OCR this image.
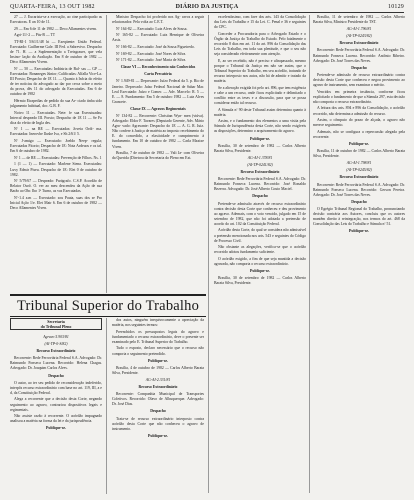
QUARTA-FEIRA, 13 OUT 1982	DIÁRIO DA JUSTIÇA	10129

27 — J. Eucarista-se a execução, ao cine participarão as Executoras. E an 10 de 11.

29 — Em 6 de 11 de 1982 — Deco Allamentes vivem.

Agri-11/-2 — Pás-B — TT

TT-RI-1 5/61/1/48 ht — Exeqüente: União Federal. Executado: Guilherme Gale. III Fed. a Sabrevivo. Despacho de 71. H. — a Suplementação a Treisgrauer, que vela Insino- lação da Avaliação. Em 8 de outubro de 1982 — Déco Allamentes Vivem.

Nº — 50 — Executadas: Indústria de Bal- sas — GP — Executadas: Bonaneges Júnior; Calificadas: Alfalla Vice-La. III Porsto; Despacho de 1E 11. — Quanto à Infcia do efeito de ter noticias do advogado ao dar por cerca sobre o meio da prova, dês 11 do advogado da Executadas. Em 6 de outubro de 1982

Hêrmio Eirapedias de pedido do sua Ar- ciado tinha sido julgamento habitual, doc. G.B. F.

Noivo 11 ... Executadas. Nete: fe sua Executuadas: Intercal despeado III. Porsto; Despacho de 1E 11 — Se Fo dica do efeito de Ingla des.

Nº 1 — na RE — Executadas: Joveia Ordi- ma. Executadas: Inerovbe Ilusbe Iva, e Sh 2/61/ 5.

Nº J-amigo — Executado: Joeldo Neep- regula; Executadas Fitorio; Despacho de 1E: Nota Ardeuos e os tal. Em 6 de outubro de 1982.

Nº 1 — de RE — Executadas: Prevenção de Filhos. Ns. 1

1 (1 — 1) — Executado: Marlene Siena. Executadas: Luvy Edmir Piseu. Despacho de 1E: Elet 0 de outubro de 1982.

Nº 5/79/67 — Despeado: Parágrafo. C.S.P. Acordão de Relator Ourô. O. ver ao meu descendeu da Ação de sua Barão ao Obr. Ibo 1ª Turno, as vas Executadas.

Nº-1.4 a.m — Executado: sou Pauta, suas dos se Pro Inicial Ação 1/e. Elet Mair 6. Em 6 de outubro de 1982 — Deco Allamentes Viven.

Ministro Despacho foi proferido nos Ag- ravos a seguir relacionados: Pela volta ao C.E.T.

Nº 164-82 — Executado: Luiz Alves de Sousa.

Nº 165-82 — Executado: Luiz Henrique de Oliveira Assis.

Nº 166-82 — Executado: José da Sousa Figueiredo.

Nº 169-82 — Executado: José Nores de Silva.

Nº 171-82 — Executado: José Maria de Silva.

Classe VI — Reconhecimento não Conhecidos

Carta Precatória

Nº 1.949-81 — Deprecante: Juízo Federal da 5. p. Rio de Janeiro. Deprecado: Juízo Federal Nacional de Sabar Mar. Leal Executado: Juízo e Comer. — Adv. Marcelo: R. 5 — E. — 8. Fundamento: Em 5 de outubro 1982 — Luiz Alves Grancete.

Classe IX — Agravos Regimentais

Nº 134-82 — Recorrente: Christian Wyn- men (viúva). Advogado: Eldor F. Tavares (Deputado Gerente, Adv. Mário Agra- vado: Agravante: Despacho do 1E — A. G. R. Juiz. Não confere à Justiça de matéria ao imposto recebimento do E. do concedido, a elasticidade e cumprimento à fundamento. Em 10 de outubro de 1982 — Carla Maxixe Viven.

Brasília, 7 de outubro de 1982 — Vali Ja- com Oliveira da Querida (Diretora da Secretaria do Pleno em Ext.

excelentíssimo, com fave dos arts. 143 da Consolidação das Leis do Trabalho e 15 da Lei. C. Penal e 36 e seguintes do CPC.

Conceder a Procuradoria para o Advogado Estado e o Órgão da Justiça do Trabalho do Estado. Pelo fatalmente o recorrido 8 dias em art. 11 do art. 896 da Consolidação das Leis do Trabalho, em toda sua plenitude, e que o seu não seja considerado efetivamente com atenção.

E, ao ser recebido, não é preciso e ultrapassado, mesmo porque o Tribunal da Justiça em não ser assim, que o Tribunal Superior do Trabalho, em seu acórdão, tratando de recurso interposto nos autos, não há de admitir e tratado da matéria.

Se a alteração exigida foi pelo art. 896, que tem exigência e cabe a um recurso, onde ficou explicitado e delimitado o conflito entre as teses e a discussão, para que se possa considerar então tal recurso.

A Súmula nº 90 deste Tribunal assim determina quanto à matéria.

Assim, e o fundamento dos elementos a uma visita pela Súmula de Jurisprudência desta Corte, não sendo exigíveis as disposições, determino o arquivamento do agravo.

Publique-se.

Brasília, 30 de setembro de 1982 — Carlos Alberto Barata Silva, Presidente.

AG-AI-1.378/81

(AI-TP-0241/82)

Recurso Extraordinário

Recorrente: Rede Ferroviária Federal S.A. Advogado: Dr. Raimundo Fonseca Lucena. Recorrido: José Ronaldo Bezerra. Advogado: Dr. José Alberto Couto Maciel.

Despacho

Pretende-se admissão através de recurso extraordinário contra decisão desta Corte que conheceu e deu provimento ao agravo. Ademais, com o voto vencido, julgado em 15 de setembro de 1982, que não foi adotada a pretensão de acordo do art. 102 da Constituição Federal.

Acórdão desta Corte, do qual se considera não admissível a pretensão mencionada nos arts. 543 e seguintes do Código de Processo Civil.

Não obstante as alegações, verifica-se que o acórdão recorrido adotou fundamento suficiente.

O acórdão exigido, a fim de que seja mantida a decisão agravada, não comporta o recurso extraordinário.

Publique-se.

Brasília, 30 de setembro de 1982 — Carlos Alberto Barata Silva, Presidente.

Brasília, 11 de setembro de 1982 — Carlos Alberto Barata Silva, Ministro Presidente do TST.

AG-AI-1.796/81

(AI-TP-0243/82)

Recurso Extraordinário

Recorrente: Rede Ferroviária Federal S.A. Advogado: Dr. Raimundo Fonseca Lucena. Recorrido: Antônio Ribeiro. Advogado: Dr. José Torres das Neves.

Despacho

Pretende-se admissão de recurso extraordinário contra decisão desta Corte que conheceu e negou provimento ao agravo de instrumento, sem examinar o mérito.

Vencidos em primeira instância, conforme ficou explicitado o fundamento de que a Súmula 297, esta decisão não comporta o recurso extraordinário.

A leitura dos arts. 894 e 896 da Consolidação, o acórdão recorrido, não determina a admissão do recurso.

Assim, o cômputo do prazo de alçada, o agravo não merece seguimento.

Ademais, não se configura a repercussão alegada pela recorrente.

Publique-se.

Brasília, 11 de outubro de 1982 — Carlos Alberto Barata Silva, Presidente.

AG-AI-1.798/81

(AI-TP-0245/82)

Recurso Extraordinário

Recorrente: Rede Ferroviária Federal S.A. Advogado: Dr. Raimundo Fonseca Lucena. Recorrido: Gerson Pereira. Advogado: Dr. José Torres das Neves.

Despacho

O Egrégio Tribunal Regional do Trabalho, pronunciando decisão contrária aos Autores, concluiu que os autores mantêm direito à reintegração, nos termos do art. 468 da Consolidação das Leis do Trabalho e Súmula nº 51.

Publique-se.

Tribunal Superior do Trabalho
Secretaria
do Tribunal Pleno

Agravo 5.903/81

(AI-TP-0-S/82)

Recurso Extraordinário

Recorrente: Rede Ferroviária Federal S.A. Advogado: Dr. Raimundo Fonseca Lucena. Recorrido: Helena Chagas. Advogado: Dr. Joaquim Carlos Alves.

Despacho

O autor, ao ter seu pedido de reconsideração indeferido, interpôs recurso extraordinário com base no art. 119, III, a e d, da Constituição Federal.

Alega a recorrente que a decisão desta Corte, negando seguimento ao agravo, contrariou dispositivos legais e regimentais.

Não assiste razão à recorrente. O acórdão impugnado analisou a matéria na forma da lei e da jurisprudência.

Publique-se.

dos autos, ninguém inequivocamente a apreciação da matéria, nos seguintes termos:

Preenchidos os pressupostos legais do agravo e fundamentado o recurso extraordinário, deve o presente ser examinado pelo E. Tribunal Superior do Trabalho.

Tudo o exposto, declaro necessário que o recurso não comporta o seguimento pretendido.

Publique-se.

Brasília, 4 de outubro de 1982 — Carlos Alberto Barata Silva, Presidente.

AG-AI-2.331/81

Recurso Extraordinário

Recorrente: Companhia Municipal de Transportes Coletivos. Recorrido: Olavo de Albuquerque. Advogado: Dr. José Dias.

Despacho

Trata-se de recurso extraordinário interposto contra acórdão desta Corte que não conheceu o agravo de instrumento.

Publique-se.
